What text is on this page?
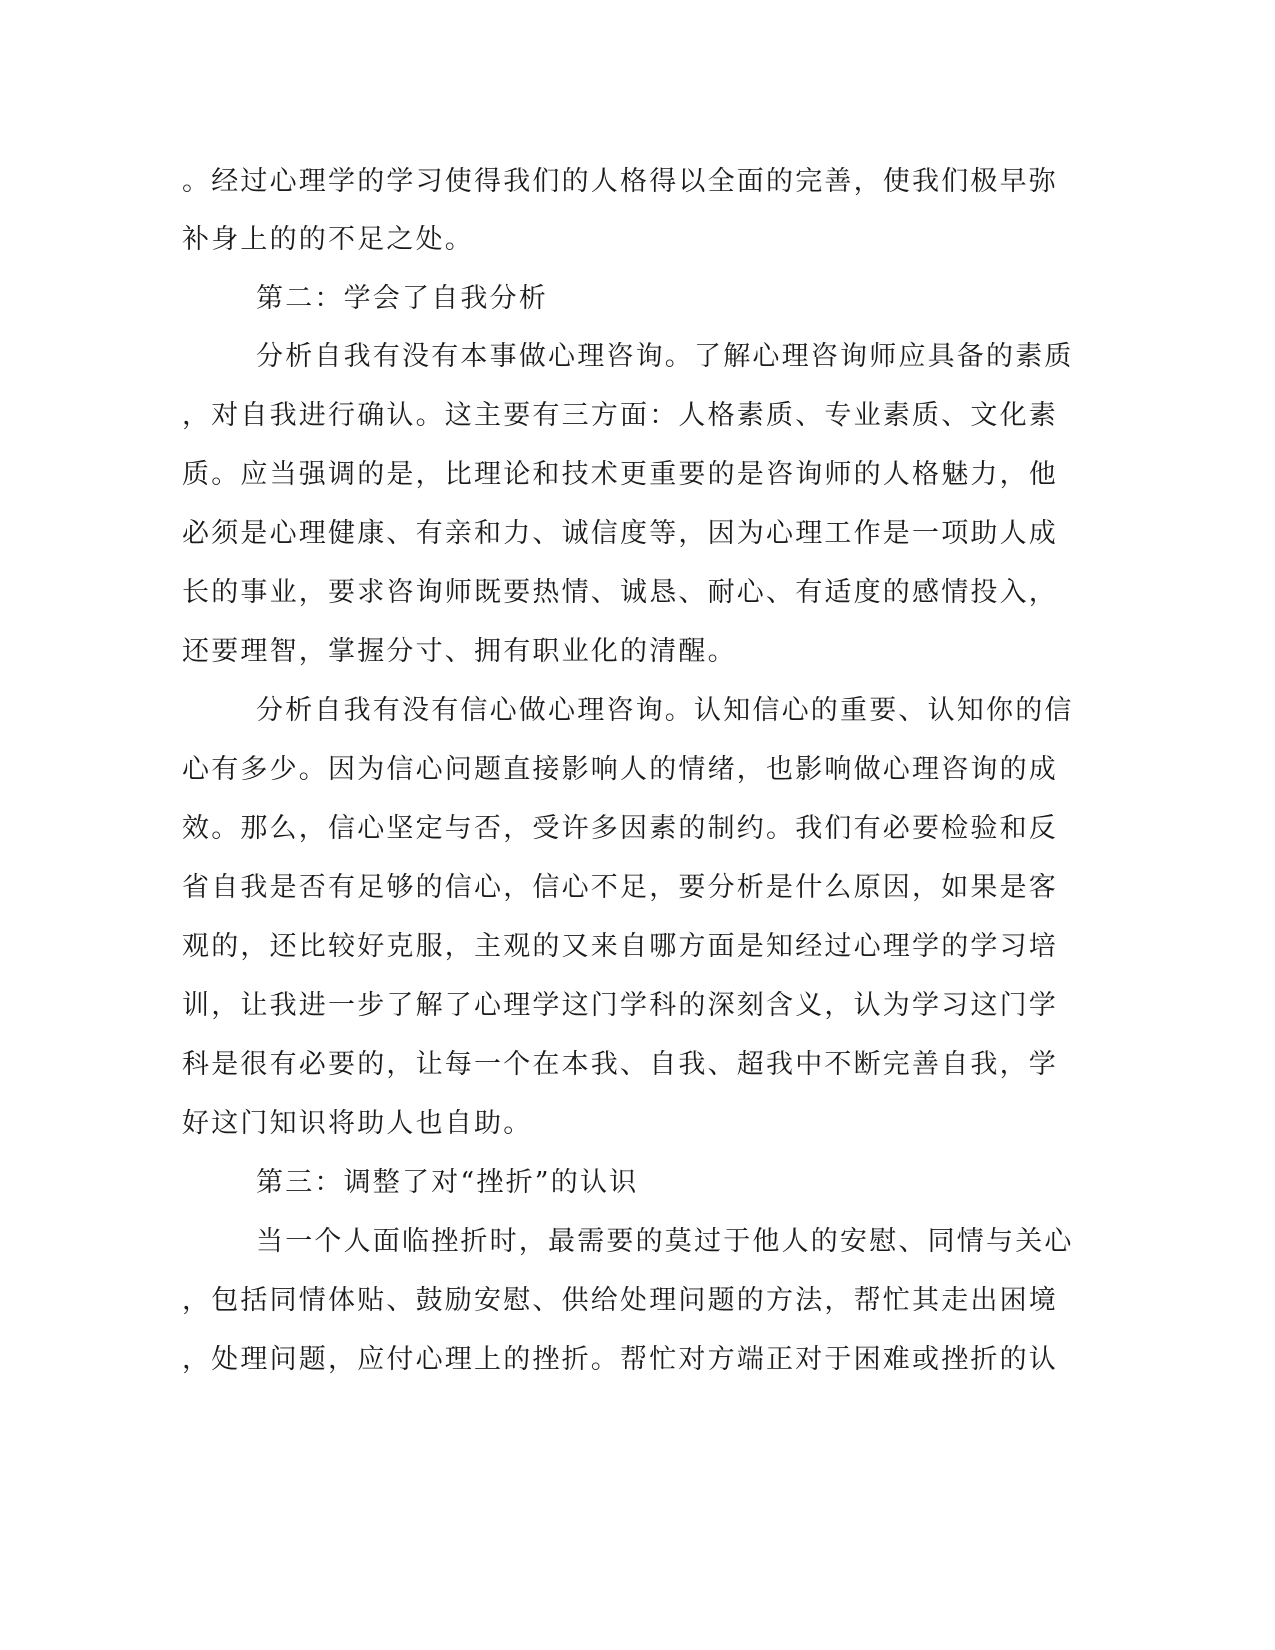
。经过心理学的学习使得我们的人格得以全面的完善，使我们极早弥
补身上的的不足之处。
第二：学会了自我分析
分析自我有没有本事做心理咨询。了解心理咨询师应具备的素质
，对自我进行确认。这主要有三方面：人格素质、专业素质、文化素
质。应当强调的是，比理论和技术更重要的是咨询师的人格魅力，他
必须是心理健康、有亲和力、诚信度等，因为心理工作是一项助人成
长的事业，要求咨询师既要热情、诚恳、耐心、有适度的感情投入，
还要理智，掌握分寸、拥有职业化的清醒。
分析自我有没有信心做心理咨询。认知信心的重要、认知你的信
心有多少。因为信心问题直接影响人的情绪，也影响做心理咨询的成
效。那么，信心坚定与否，受许多因素的制约。我们有必要检验和反
省自我是否有足够的信心，信心不足，要分析是什么原因，如果是客
观的，还比较好克服，主观的又来自哪方面是知经过心理学的学习培
训，让我进一步了解了心理学这门学科的深刻含义，认为学习这门学
科是很有必要的，让每一个在本我、自我、超我中不断完善自我，学
好这门知识将助人也自助。
第三：调整了对“挫折”的认识
当一个人面临挫折时，最需要的莫过于他人的安慰、同情与关心
，包括同情体贴、鼓励安慰、供给处理问题的方法，帮忙其走出困境
，处理问题，应付心理上的挫折。帮忙对方端正对于困难或挫折的认
